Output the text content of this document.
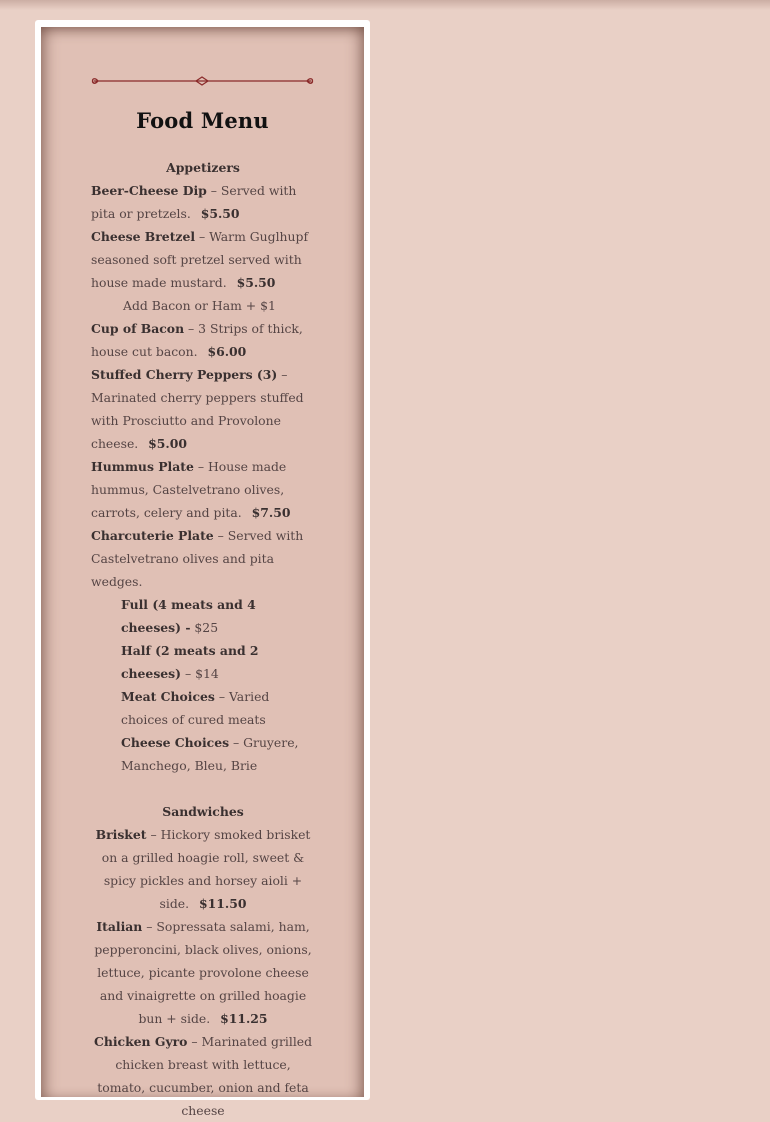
Food Menu

Appetizers

Beer-Cheese Dip – Served with pita or pretzels. $5.50

Cheese Bretzel – Warm Guglhupf seasoned soft pretzel served with house made mustard. $5.50

Add Bacon or Ham + $1

Cup of Bacon – 3 Strips of thick, house cut bacon. $6.00

Stuffed Cherry Peppers (3) – Marinated cherry peppers stuffed with Prosciutto and Provolone cheese. $5.00

Hummus Plate – House made hummus, Castelvetrano olives, carrots, celery and pita. $7.50

Charcuterie Plate – Served with Castelvetrano olives and pita wedges.

Full (4 meats and 4 cheeses) - $25

Half (2 meats and 2 cheeses) – $14

Meat Choices – Varied choices of cured meats

Cheese Choices – Gruyere, Manchego, Bleu, Brie

Sandwiches

Brisket – Hickory smoked brisket on a grilled hoagie roll, sweet & spicy pickles and horsey aioli + side. $11.50

Italian – Sopressata salami, ham, pepperoncini, black olives, onions, lettuce, picante provolone cheese and vinaigrette on grilled hoagie bun + side. $11.25

Chicken Gyro – Marinated grilled chicken breast with lettuce, tomato, cucumber, onion and feta cheese
